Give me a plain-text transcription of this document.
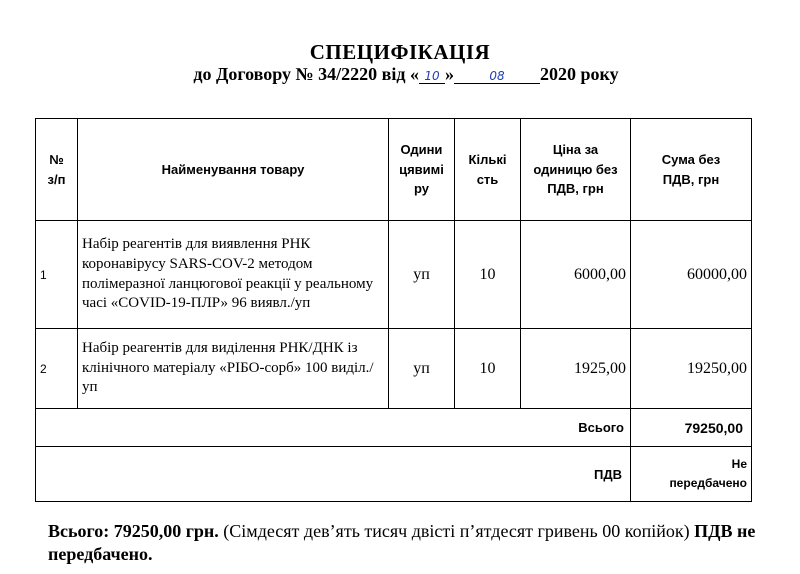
СПЕЦИФІКАЦІЯ
до Договору № 34/2220 від « 10 »	08 2020 року
№ з/п	Найменування товару	Одини цявимі ру	Кількі сть	Ціна за одиницю без ПДВ, грн	Сума без ПДВ, грн
1	Набір реагентів для виявлення РНК коронавірусу SARS-COV-2 методом полімеразної ланцюгової реакції у реальному часі «COVID-19-ПЛР» 96 виявл./уп	уп	10	6000,00	60000,00
2	Набір реагентів для виділення РНК/ДНК із клінічного матеріалу «РІБО-сорб» 100 виділ./ уп	уп	10	1925,00	19250,00
Всього					79250,00
ПДВ					Не передбачено
Всього: 79250,00 грн. (Сімдесят дев’ять тисяч двісті п’ятдесят гривень 00 копійок) ПДВ не передбачено.
